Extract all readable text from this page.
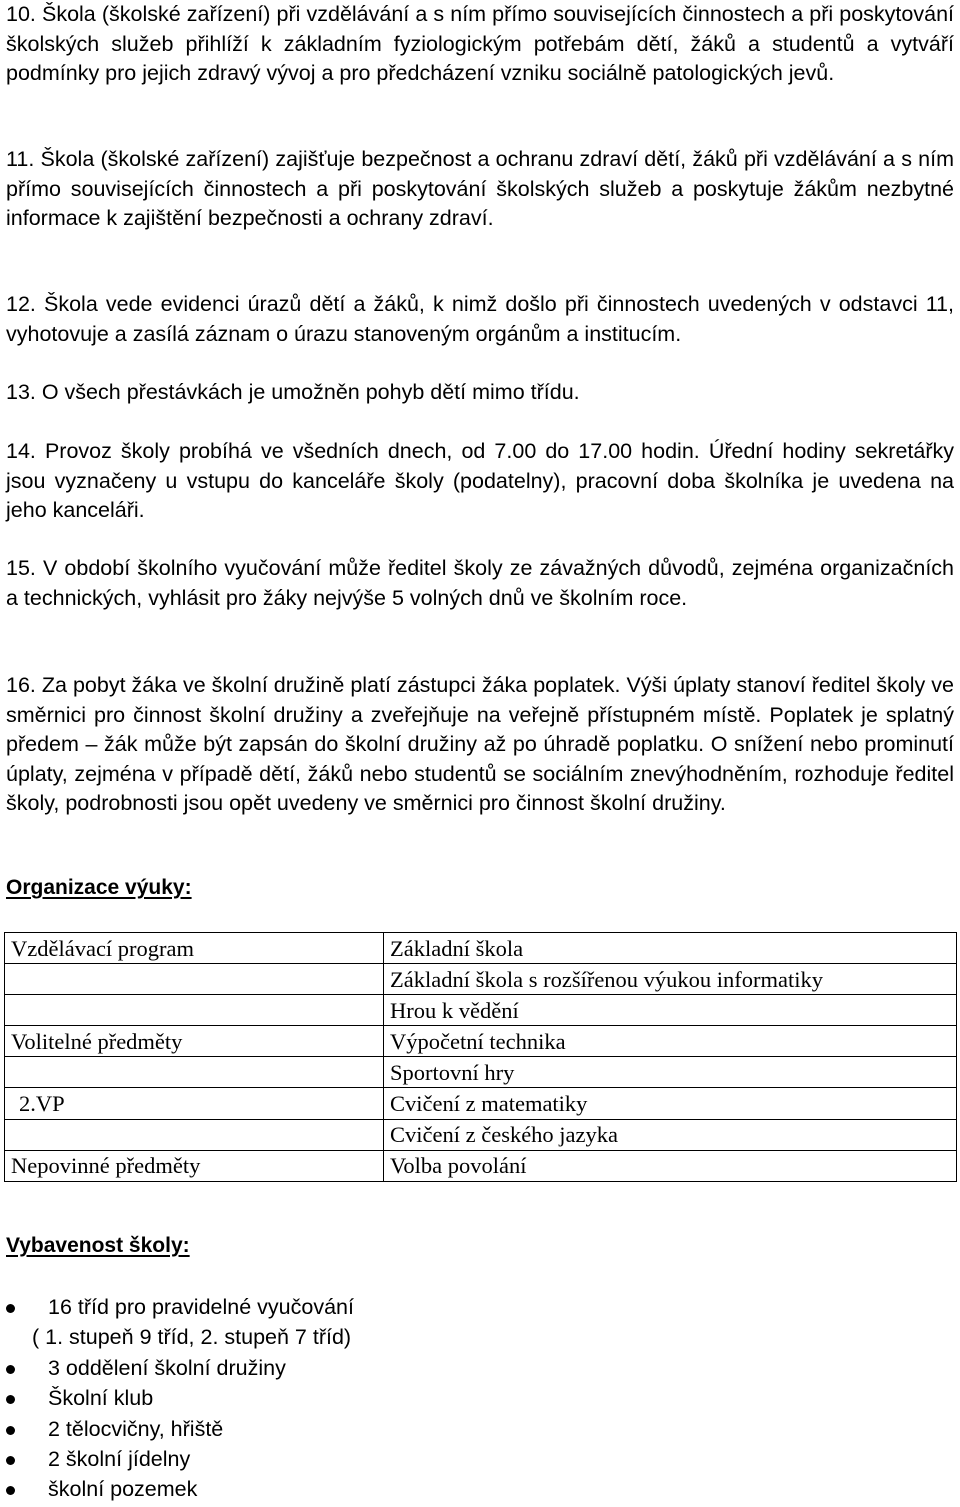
10. Škola (školské zařízení) při vzdělávání a s ním přímo souvisejících činnostech a při poskytování školských služeb přihlíží k základním fyziologickým potřebám dětí, žáků a studentů a vytváří podmínky pro jejich zdravý vývoj a pro předcházení vzniku sociálně patologických jevů.

11. Škola (školské zařízení) zajišťuje bezpečnost a ochranu zdraví dětí, žáků při vzdělávání a s ním přímo souvisejících činnostech a při poskytování školských služeb a poskytuje žákům nezbytné informace k zajištění bezpečnosti a ochrany zdraví.

12. Škola vede evidenci úrazů dětí a žáků, k nimž došlo při činnostech uvedených v odstavci 11, vyhotovuje a zasílá záznam o úrazu stanoveným orgánům a institucím.

13. O všech přestávkách je umožněn pohyb dětí mimo třídu.

14. Provoz školy probíhá ve všedních dnech, od 7.00 do 17.00 hodin. Úřední hodiny sekretářky jsou vyznačeny u vstupu do kanceláře školy (podatelny), pracovní doba školníka je uvedena na jeho kanceláři.

15. V období školního vyučování může ředitel školy ze závažných důvodů, zejména organizačních a technických, vyhlásit pro žáky nejvýše 5 volných dnů ve školním roce.

16. Za pobyt žáka ve školní družině platí zástupci žáka poplatek. Výši úplaty stanoví ředitel školy ve směrnici pro činnost školní družiny a zveřejňuje na veřejně přístupném místě. Poplatek je splatný předem – žák může být zapsán do školní družiny až po úhradě poplatku. O snížení nebo prominutí úplaty, zejména v případě dětí, žáků nebo studentů se sociálním znevýhodněním, rozhoduje ředitel školy, podrobnosti jsou opět uvedeny ve směrnici pro činnost školní družiny.

Organizace výuky:
Vzdělávací program	Základní škola
	Základní škola s rozšířenou výukou informatiky
	Hrou k vědění
Volitelné předměty	Výpočetní technika
	Sportovní hry
2.VP	Cvičení z matematiky
	Cvičení z českého jazyka
Nepovinné předměty	Volba povolání
Vybavenost školy:
16 tříd pro pravidelné vyučování
( 1. stupeň 9 tříd, 2. stupeň 7 tříd)
3 oddělení školní družiny
Školní klub
2 tělocvičny, hřiště
2 školní jídelny
školní pozemek
